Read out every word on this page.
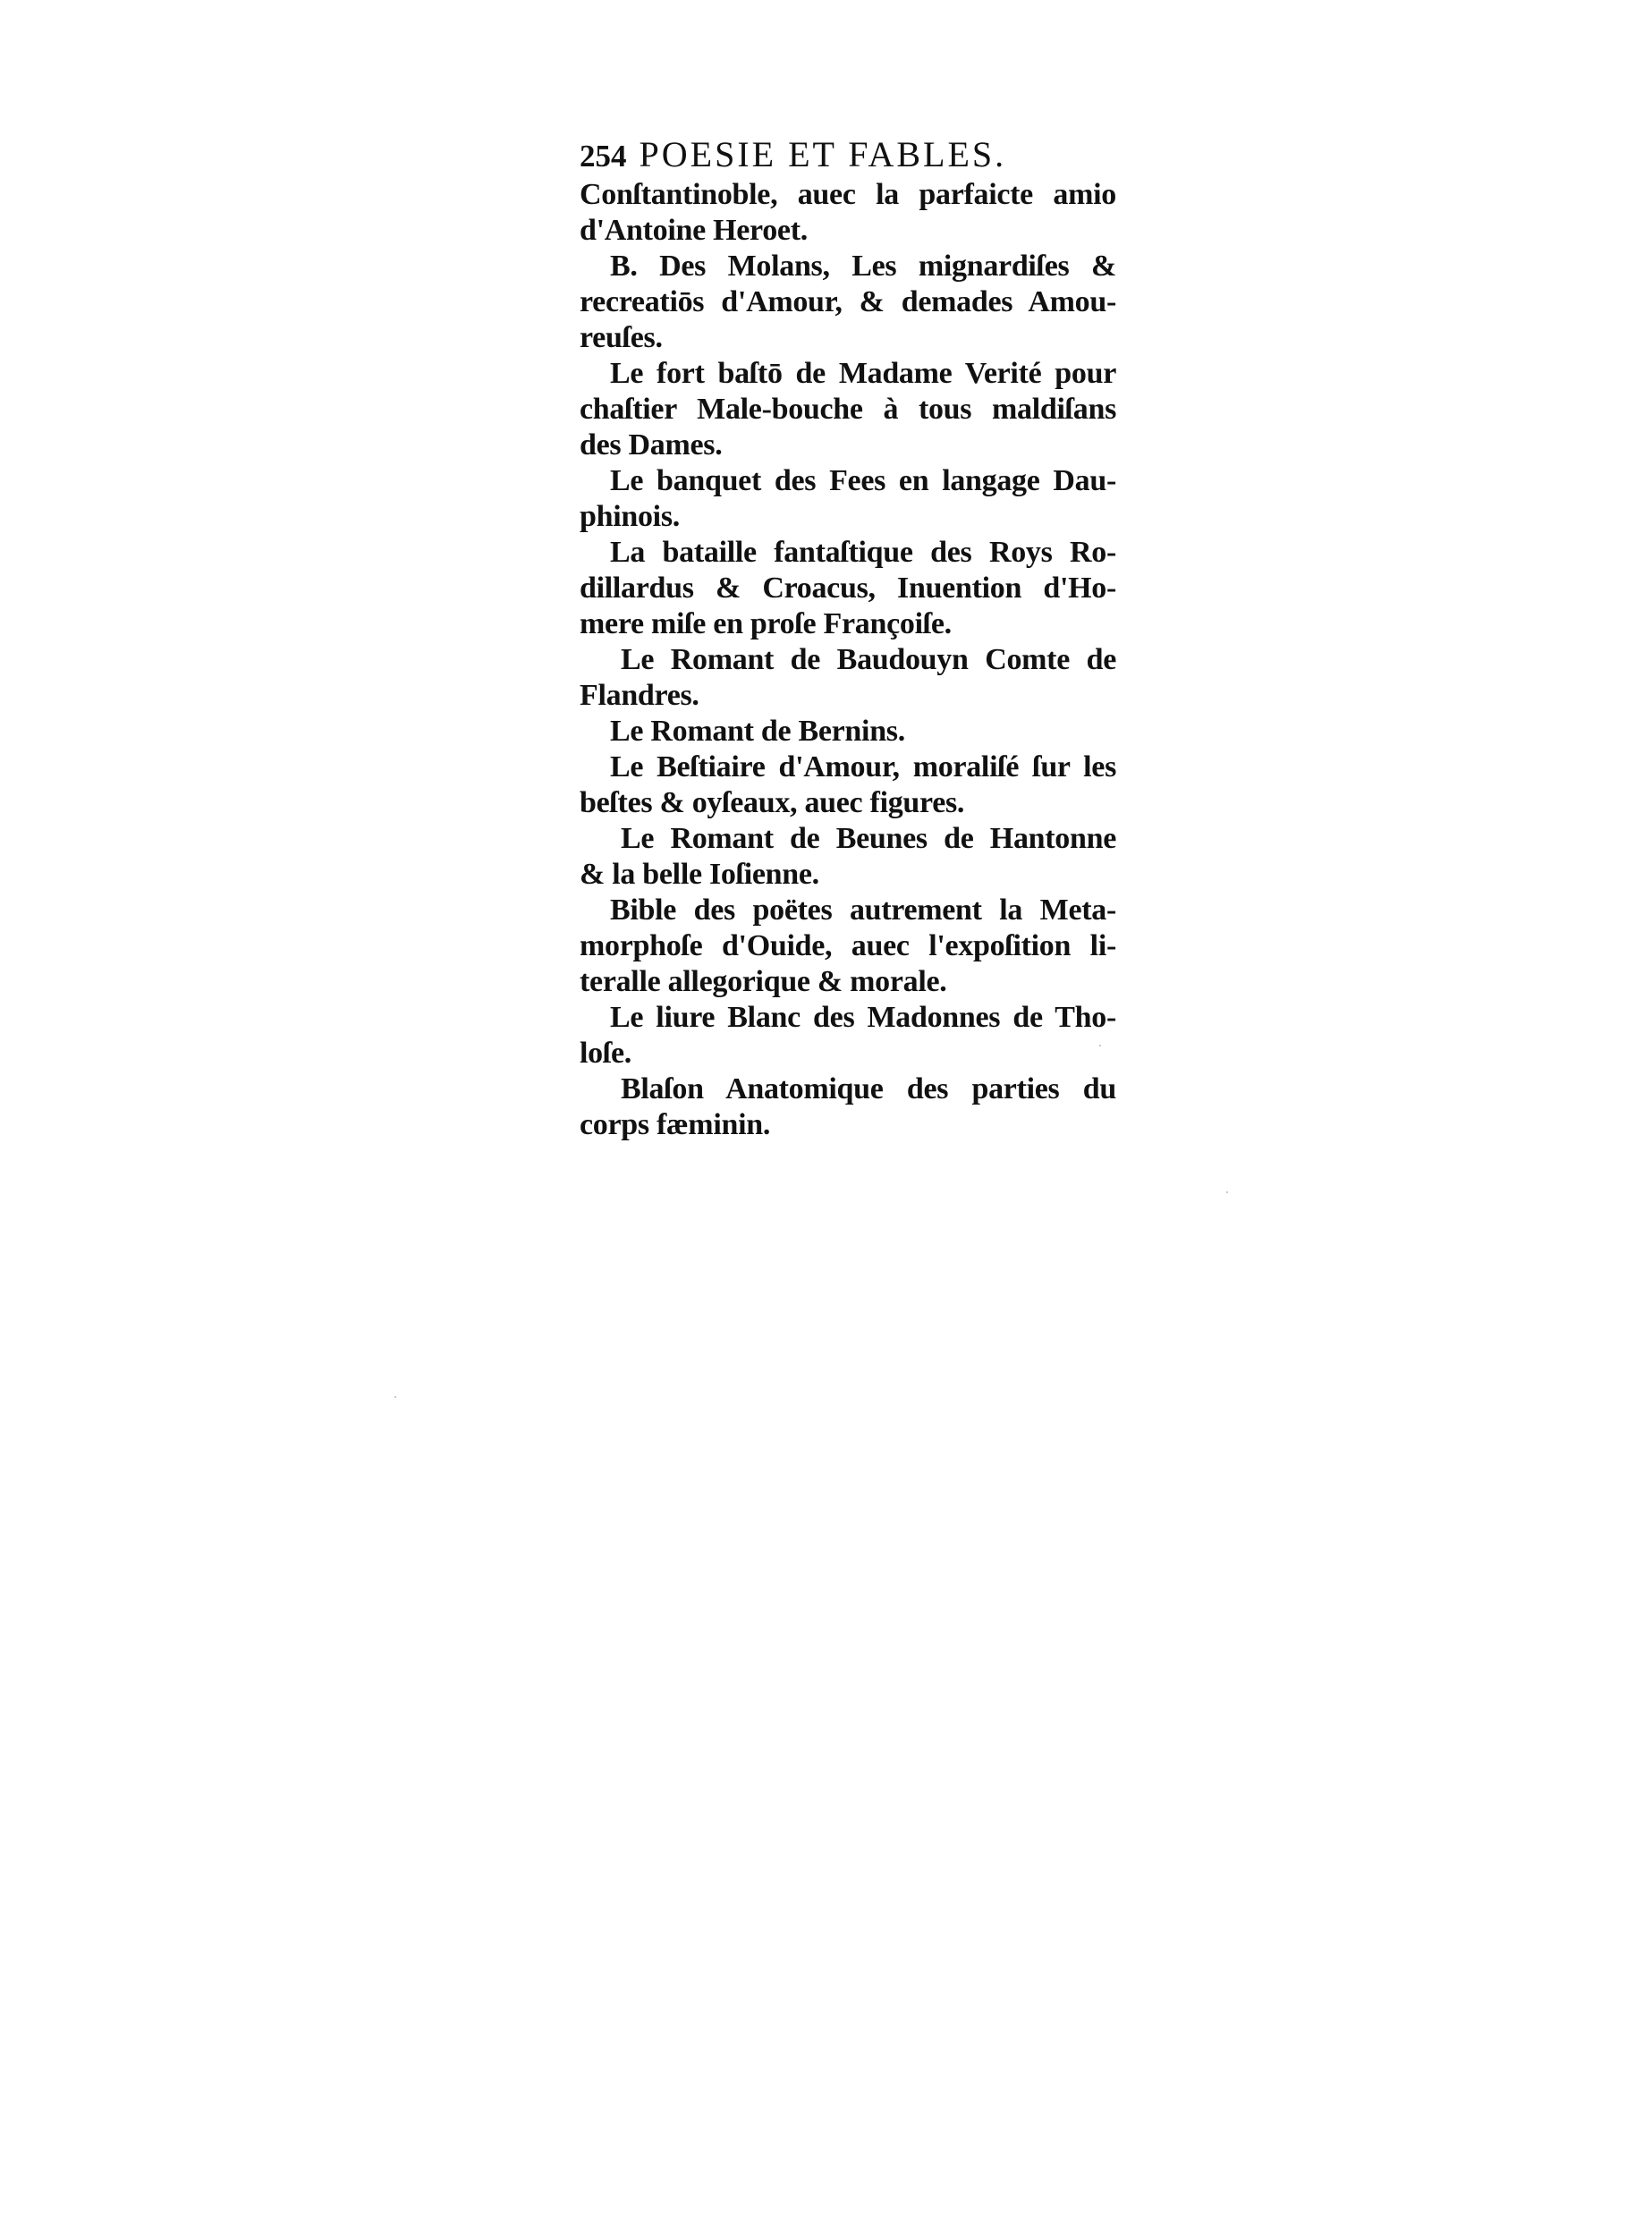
254 POESIE ET FABLES.
Conſtantinoble, auec la parfaicte amio
d'Antoine Heroet.
B. Des Molans, Les mignardiſes &
recreatiōs d'Amour, & demades Amou-
reuſes.
Le fort baſtō de Madame Verité pour
chaſtier Male-bouche à tous maldiſans
des Dames.
Le banquet des Fees en langage Dau-
phinois.
La bataille fantaſtique des Roys Ro-
dillardus & Croacus, Inuention d'Ho-
mere miſe en proſe Françoiſe.
Le Romant de Baudouyn Comte de
Flandres.
Le Romant de Bernins.
Le Beſtiaire d'Amour, moraliſé ſur les
beſtes & oyſeaux, auec figures.
Le Romant de Beunes de Hantonne
& la belle Ioſienne.
Bible des poëtes autrement la Meta-
morphoſe d'Ouide, auec l'expoſition li-
teralle allegorique & morale.
Le liure Blanc des Madonnes de Tho-
loſe.
Blaſon Anatomique des parties du
corps fæminin.
